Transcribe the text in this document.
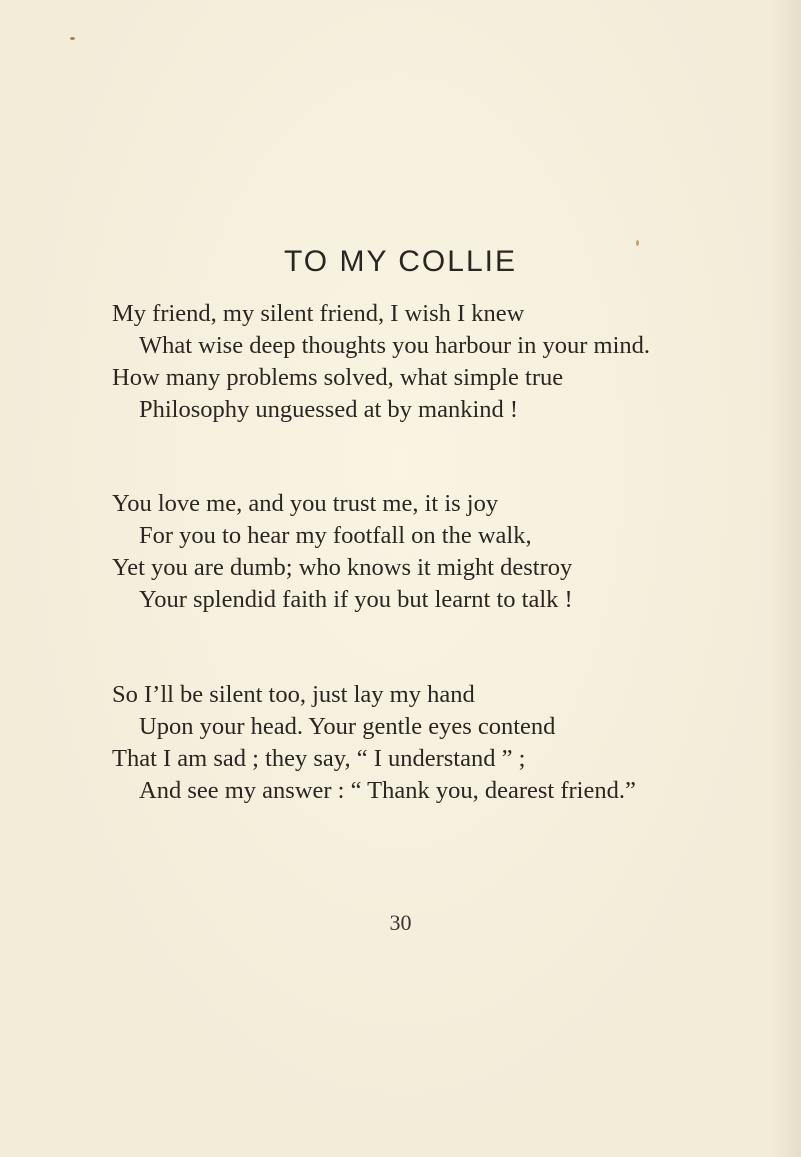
TO MY COLLIE
My friend, my silent friend, I wish I knew
What wise deep thoughts you harbour in your mind.
How many problems solved, what simple true
Philosophy unguessed at by mankind !
You love me, and you trust me, it is joy
For you to hear my footfall on the walk,
Yet you are dumb; who knows it might destroy
Your splendid faith if you but learnt to talk !
So I’ll be silent too, just lay my hand
Upon your head. Your gentle eyes contend
That I am sad ; they say, “ I understand ” ;
And see my answer : “ Thank you, dearest friend.”
30
